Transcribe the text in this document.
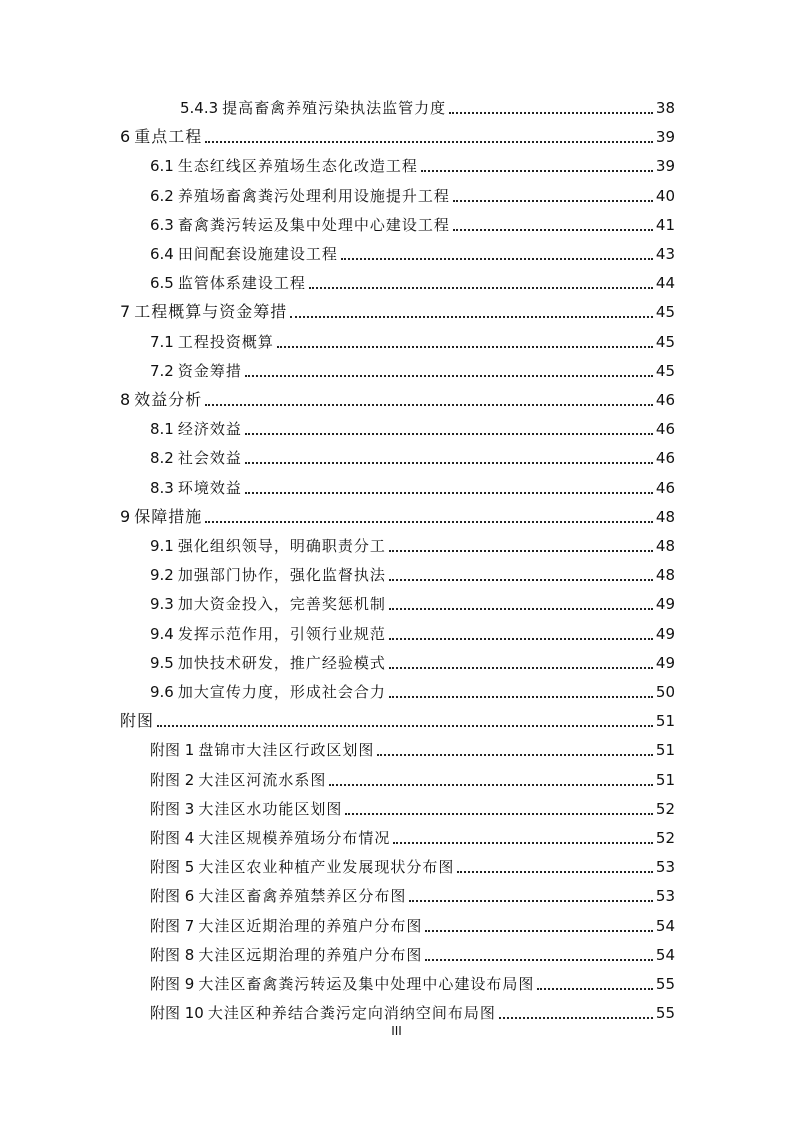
5.4.3 提高畜禽养殖污染执法监管力度	38
6 重点工程	39
6.1 生态红线区养殖场生态化改造工程	39
6.2 养殖场畜禽粪污处理利用设施提升工程	40
6.3 畜禽粪污转运及集中处理中心建设工程	41
6.4 田间配套设施建设工程	43
6.5 监管体系建设工程	44
7 工程概算与资金筹措	45
7.1 工程投资概算	45
7.2 资金筹措	45
8 效益分析	46
8.1 经济效益	46
8.2 社会效益	46
8.3 环境效益	46
9 保障措施	48
9.1 强化组织领导，明确职责分工	48
9.2 加强部门协作，强化监督执法	48
9.3 加大资金投入，完善奖惩机制	49
9.4 发挥示范作用，引领行业规范	49
9.5 加快技术研发，推广经验模式	49
9.6 加大宣传力度，形成社会合力	50
附图	51
附图 1 盘锦市大洼区行政区划图	51
附图 2 大洼区河流水系图	51
附图 3 大洼区水功能区划图	52
附图 4 大洼区规模养殖场分布情况	52
附图 5 大洼区农业种植产业发展现状分布图	53
附图 6 大洼区畜禽养殖禁养区分布图	53
附图 7 大洼区近期治理的养殖户分布图	54
附图 8 大洼区远期治理的养殖户分布图	54
附图 9 大洼区畜禽粪污转运及集中处理中心建设布局图	55
附图 10 大洼区种养结合粪污定向消纳空间布局图	55
III
